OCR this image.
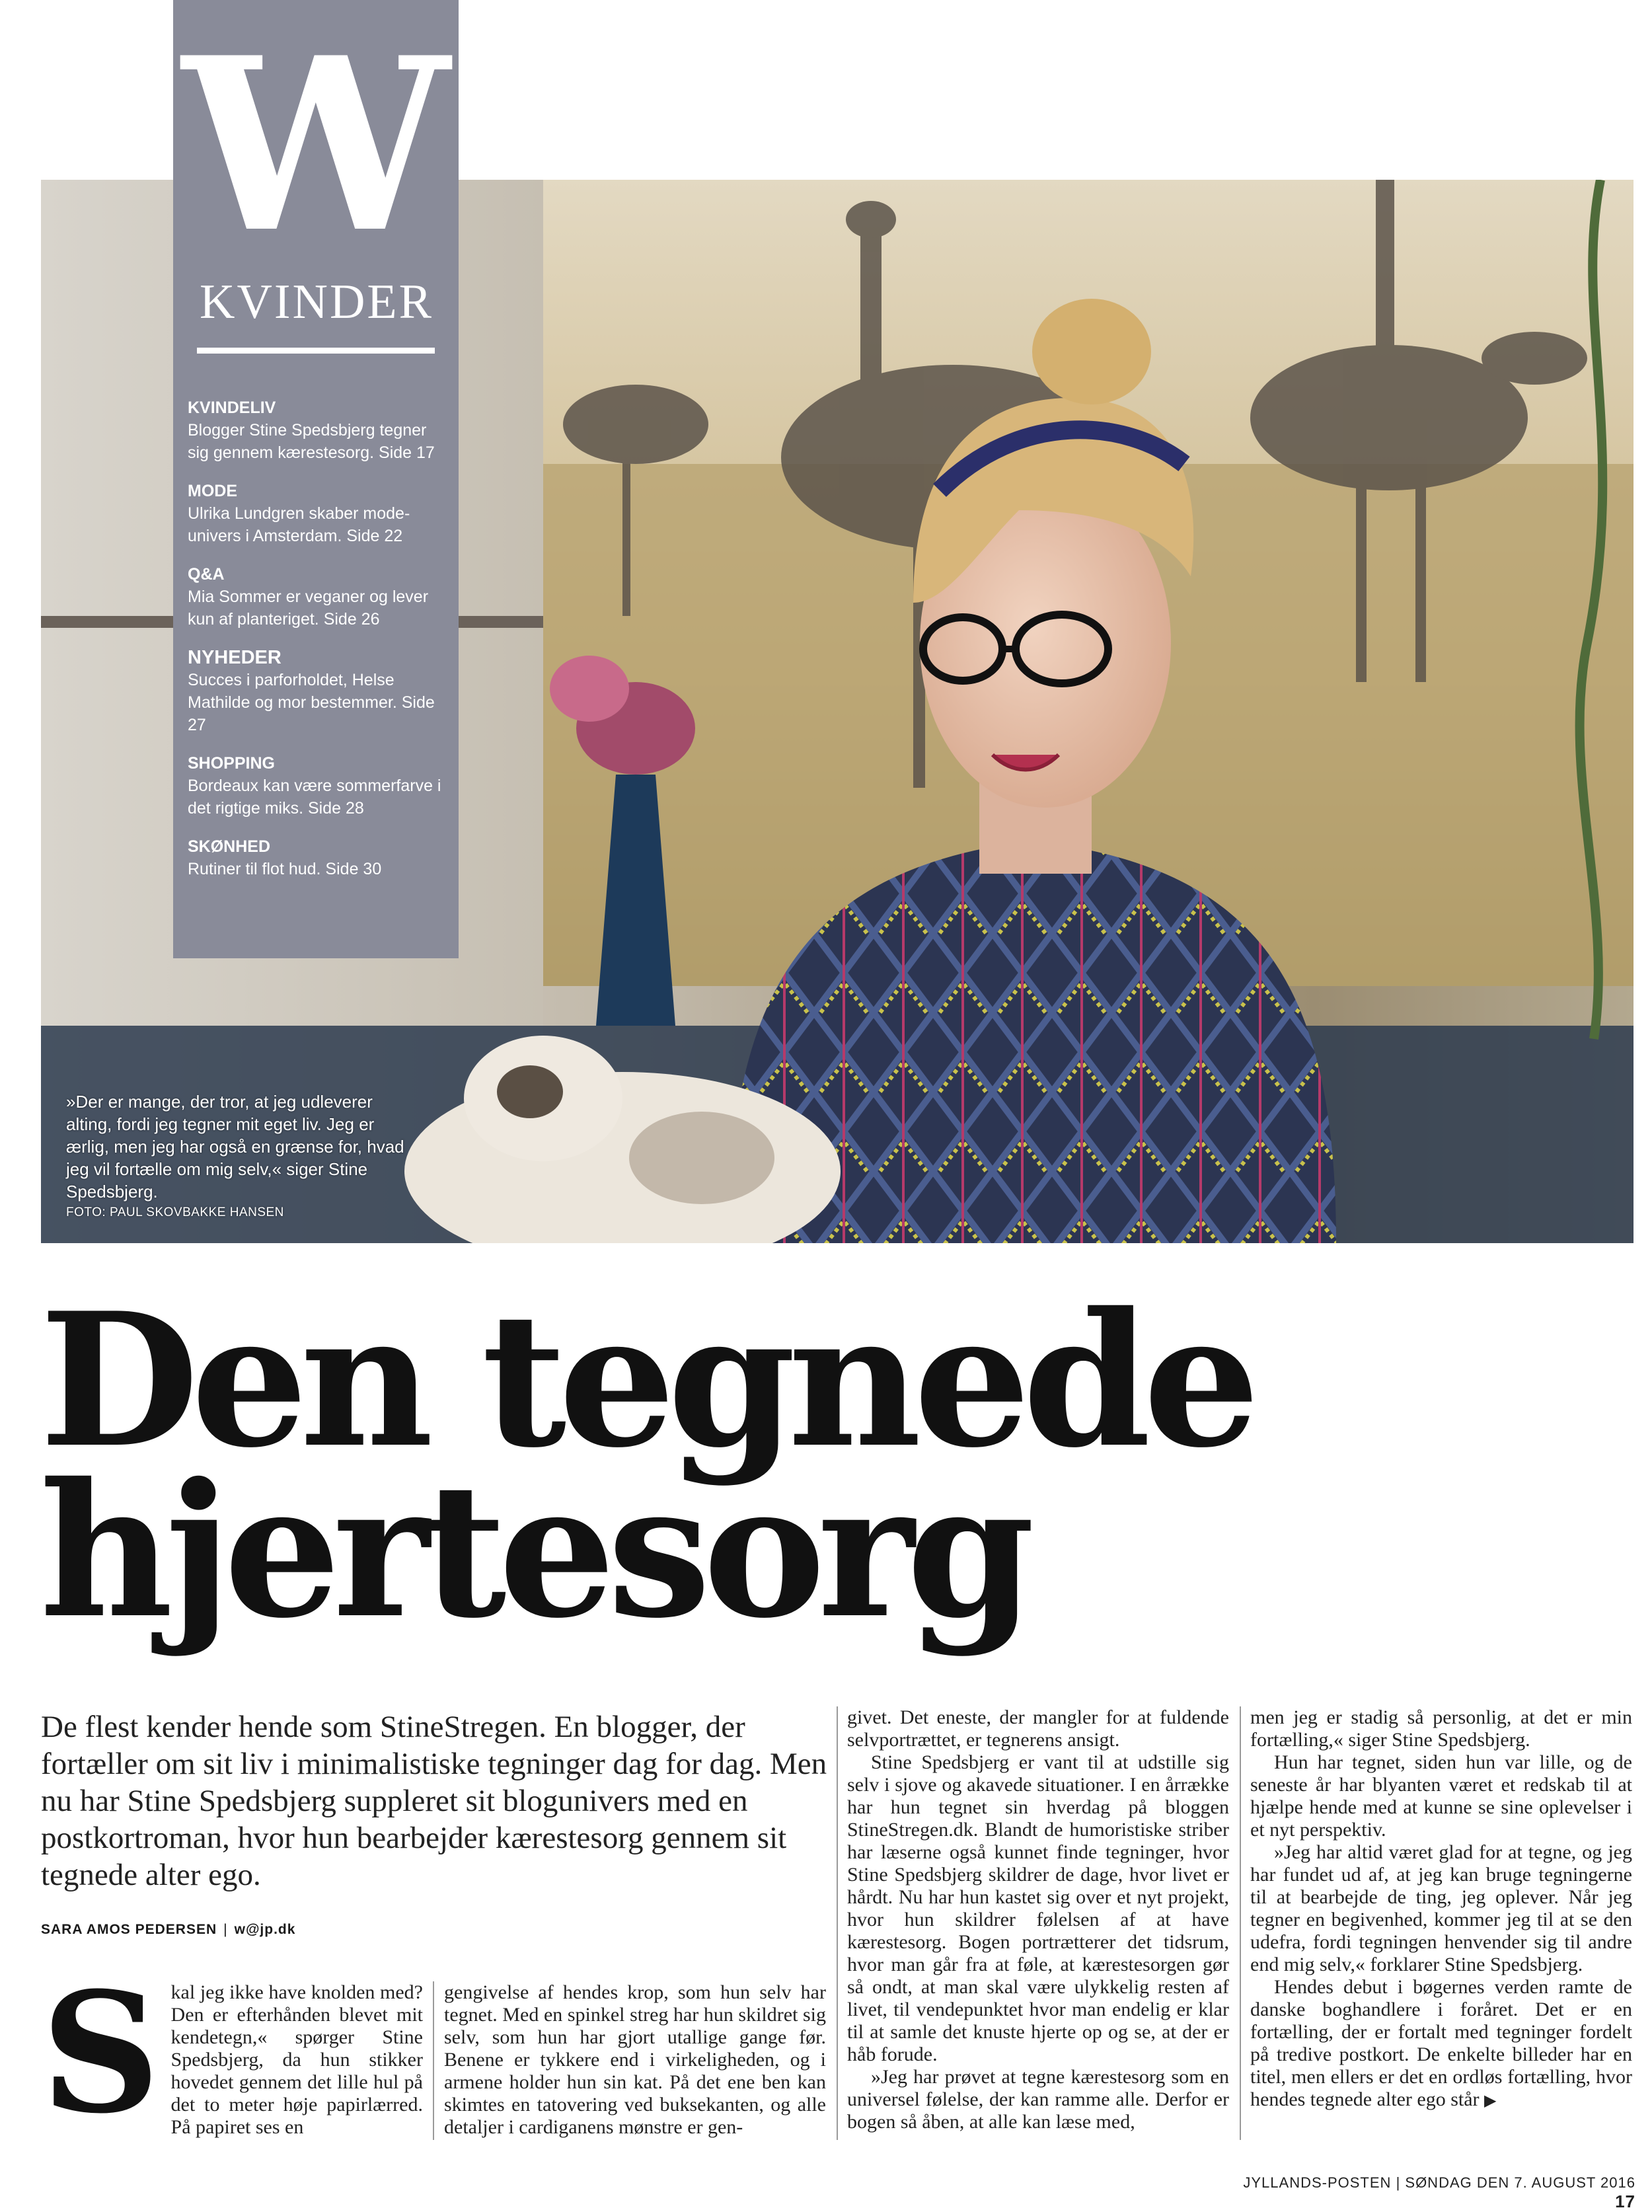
»Der er mange, der tror, at jeg udleverer alting, fordi jeg tegner mit eget liv. Jeg er ærlig, men jeg har også en grænse for, hvad jeg vil fortælle om mig selv,« siger Stine Spedsbjerg.
FOTO: PAUL SKOVBAKKE HANSEN
W
KVINDER
KVINDELIV
Blogger Stine Spedsbjerg tegner sig gennem kærestesorg. Side 17
MODE
Ulrika Lundgren skaber mode-univers i Amsterdam. Side 22
Q&A
Mia Sommer er veganer og lever kun af planteriget. Side 26
NYHEDER
Succes i parforholdet, Helse Mathilde og mor bestemmer. Side 27
SHOPPING
Bordeaux kan være sommerfarve i det rigtige miks. Side 28
SKØNHED
Rutiner til flot hud. Side 30
Den tegnede
hjertesorg
De flest kender hende som StineStregen. En blogger, der fortæller om sit liv i minimalistiske tegninger dag for dag. Men nu har Stine Spedsbjerg suppleret sit blogunivers med en postkortroman, hvor hun bearbejder kærestesorg gennem sit tegnede alter ego.
SARA AMOS PEDERSEN | w@jp.dk
S kal jeg ikke have knolden med? Den er efterhånden blevet mit kendetegn,« spørger Stine Spedsbjerg, da hun stikker hovedet gennem det lille hul på det to meter høje papirlærred. På papiret ses en

gengivelse af hendes krop, som hun selv har tegnet. Med en spinkel streg har hun skildret sig selv, som hun har gjort utallige gange før. Benene er tykkere end i virkeligheden, og i armene holder hun sin kat. På det ene ben kan skimtes en tatovering ved buksekanten, og alle detaljer i cardiganens mønstre er gen-

givet. Det eneste, der mangler for at fuldende selvportrættet, er tegnerens ansigt.

Stine Spedsbjerg er vant til at udstille sig selv i sjove og akavede situationer. I en årrække har hun tegnet sin hverdag på bloggen StineStregen.dk. Blandt de humoristiske striber har læserne også kunnet finde tegninger, hvor Stine Spedsbjerg skildrer de dage, hvor livet er hårdt. Nu har hun kastet sig over et nyt projekt, hvor hun skildrer følelsen af at have kærestesorg. Bogen portrætterer det tidsrum, hvor man går fra at føle, at kærestesorgen gør så ondt, at man skal være ulykkelig resten af livet, til vendepunktet hvor man endelig er klar til at samle det knuste hjerte op og se, at der er håb forude.

»Jeg har prøvet at tegne kærestesorg som en universel følelse, der kan ramme alle. Derfor er bogen så åben, at alle kan læse med,

men jeg er stadig så personlig, at det er min fortælling,« siger Stine Spedsbjerg.

Hun har tegnet, siden hun var lille, og de seneste år har blyanten været et redskab til at hjælpe hende med at kunne se sine oplevelser i et nyt perspektiv.

»Jeg har altid været glad for at tegne, og jeg har fundet ud af, at jeg kan bruge tegningerne til at bearbejde de ting, jeg oplever. Når jeg tegner en begivenhed, kommer jeg til at se den udefra, fordi tegningen henvender sig til andre end mig selv,« forklarer Stine Spedsbjerg.

Hendes debut i bøgernes verden ramte de danske boghandlere i foråret. Det er en fortælling, der er fortalt med tegninger fordelt på tredive postkort. De enkelte billeder har en titel, men ellers er det en ordløs fortælling, hvor hendes tegnede alter ego står ▶

JYLLANDS-POSTEN | SØNDAG DEN 7. AUGUST 2016 17
